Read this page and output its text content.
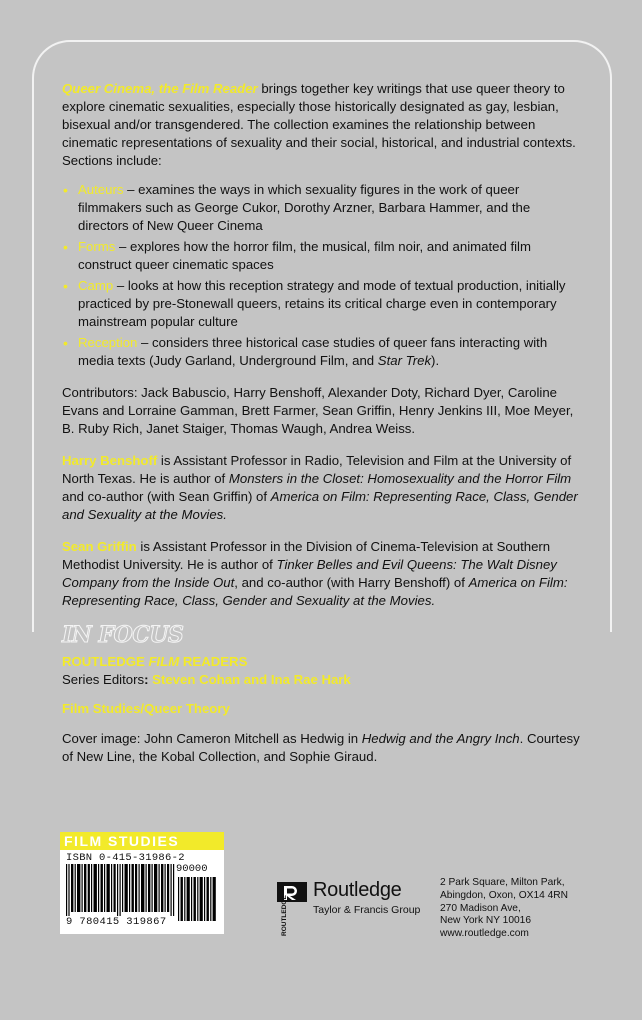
Queer Cinema, the Film Reader brings together key writings that use queer theory to explore cinematic sexualities, especially those historically designated as gay, lesbian, bisexual and/or transgendered. The collection examines the relationship between cinematic representations of sexuality and their social, historical, and industrial contexts. Sections include:

• Auteurs – examines the ways in which sexuality figures in the work of queer filmmakers such as George Cukor, Dorothy Arzner, Barbara Hammer, and the directors of New Queer Cinema
• Forms – explores how the horror film, the musical, film noir, and animated film construct queer cinematic spaces
• Camp – looks at how this reception strategy and mode of textual production, initially practiced by pre-Stonewall queers, retains its critical charge even in contemporary mainstream popular culture
• Reception – considers three historical case studies of queer fans interacting with media texts (Judy Garland, Underground Film, and Star Trek).

Contributors: Jack Babuscio, Harry Benshoff, Alexander Doty, Richard Dyer, Caroline Evans and Lorraine Gamman, Brett Farmer, Sean Griffin, Henry Jenkins III, Moe Meyer, B. Ruby Rich, Janet Staiger, Thomas Waugh, Andrea Weiss.

Harry Benshoff is Assistant Professor in Radio, Television and Film at the University of North Texas. He is author of Monsters in the Closet: Homosexuality and the Horror Film and co-author (with Sean Griffin) of America on Film: Representing Race, Class, Gender and Sexuality at the Movies.

Sean Griffin is Assistant Professor in the Division of Cinema-Television at Southern Methodist University. He is author of Tinker Belles and Evil Queens: The Walt Disney Company from the Inside Out, and co-author (with Harry Benshoff) of America on Film: Representing Race, Class, Gender and Sexuality at the Movies.

IN FOCUS
ROUTLEDGE FILM READERS
Series Editors: Steven Cohan and Ina Rae Hark
Film Studies/Queer Theory

Cover image: John Cameron Mitchell as Hedwig in Hedwig and the Angry Inch. Courtesy of New Line, the Kobal Collection, and Sophie Giraud.

FILM STUDIES
ISBN 0-415-31986-2
90000
9 780415 319867	ROUTLEDGE
Routledge
Taylor & Francis Group
2 Park Square, Milton Park,
Abingdon, Oxon, OX14 4RN
270 Madison Ave,
New York NY 10016
www.routledge.com
